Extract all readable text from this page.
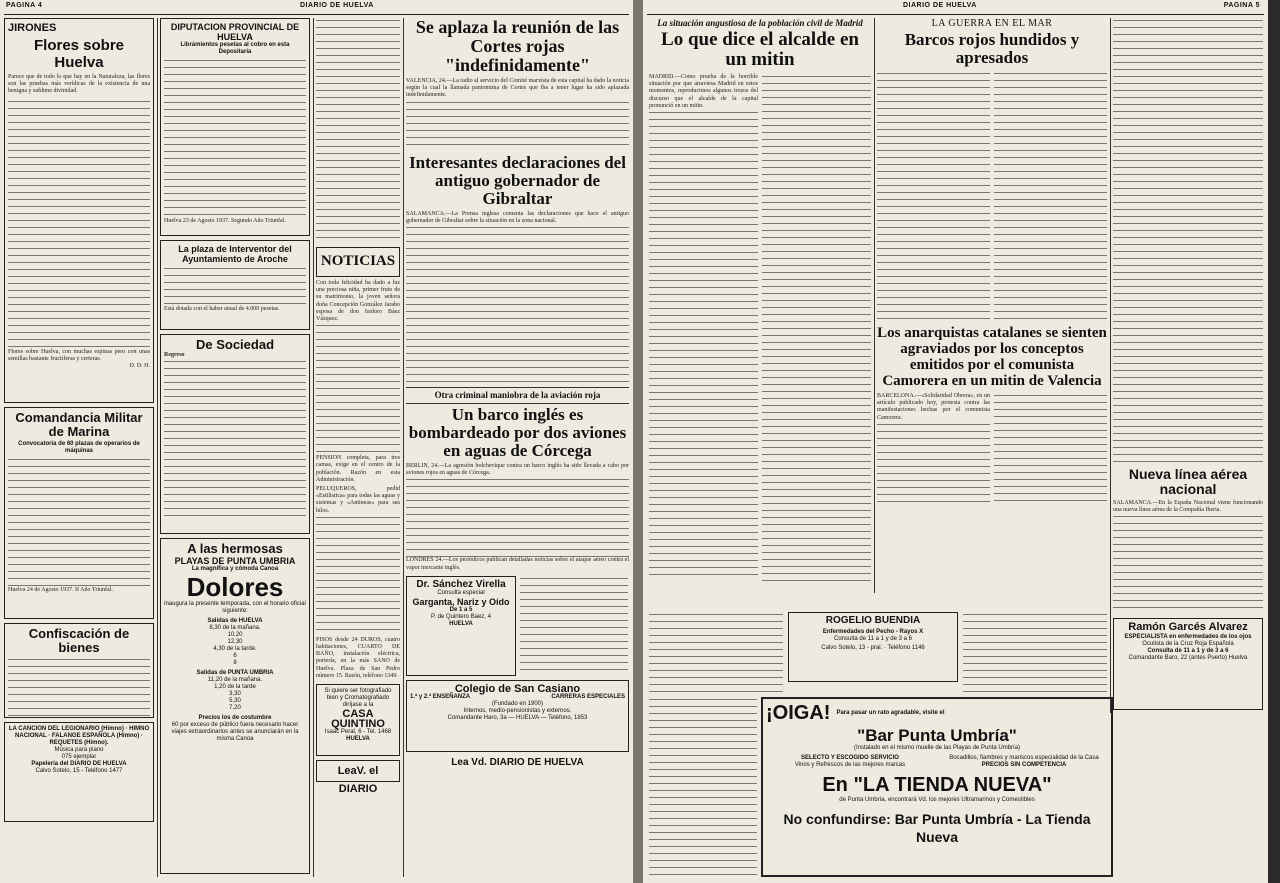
PAGINA 4	DIARIO DE HUELVA
JIRONES
Flores sobre Huelva
Parece que de todo lo que hay en la Naturaleza, las flores son las pruebas más verídicas de la existencia de una benigna y sublime divinidad.
Flores sobre Huelva, con muchas espinas pero con unas semillas bastante fructíferas y certeras.
D. D. H.
Comandancia Militar de Marina
Convocatoria de 60 plazas de operarios de máquinas
Huelva 24 de Agosto 1937. II Año Triunfal.
Confiscación de bienes
LA CANCION DEL LEGIONARIO (Himno) · HIMNO NACIONAL · FALANGE ESPAÑOLA (Himno) · REQUETES (Himno).
Música para piano
075 ejemplar
Papelería del DIARIO DE HUELVA
Calvo Sotelo, 15 - Teléfono 1477
DIPUTACION PROVINCIAL DE HUELVA
Librámientos pesetas al cobro en esta Depositaría
Huelva 23 de Agosto 1937. Segundo Año Triunfal.
La plaza de Interventor del Ayuntamiento de Aroche
Está dotada con el haber anual de 4.000 pesetas.
De Sociedad
Regreso
A las hermosas
PLAYAS DE PUNTA UMBRIA
La magnífica y cómoda Canoa
Dolores
inaugura la presente temporada, con el horario oficial siguiente:
Salidas de HUELVA
8,30 de la mañana.
10,20
12,30
4,30 de la tarde.
6
8
Salidas de PUNTA UMBRIA
11,20 de la mañana.
1,20 de la tarde
3,30
5,30
7,20
Precios los de costumbre
60 por exceso de público fuera necesario hacer viajes extraordinarios antes se anunciarán en la misma Canoa
NOTICIAS
Con toda felicidad ha dado a luz una preciosa niña, primer fruto de su matrimonio, la joven señora doña Concepción González Jarabo esposa de don Isidoro Báez Vázquez.
PENSION completa, para tres camas, exige en el centro de la población. Razón en esta Administración.
PELUQUEROS, pedid «Estilistica» para todas las aguas y sistemas y «Antineas» para sus hilos.
PISOS desde 24 DUROS, cuatro habitaciones, CUARTO DE BAÑO, instalación eléctrica, portería, en la más SANO de Huelva. Plaza de San Pedro número 15. Razón, teléfono 1349.
Si quiere ser fotografiado bien y Cromatografiado diríjase a la
CASA QUINTINO
Isaac Peral, 6 - Tel. 1468
HUELVA
LeaV. el DIARIO
Se aplaza la reunión de las Cortes rojas "indefinidamente"
VALENCIA, 24.—La radio al servicio del Comité marxista de esta capital ha dado la noticia según la cual la llamada pantomima de Cortes que iba a tener lugar ha sido aplazada indefinidamente.
Interesantes declaraciones del antiguo gobernador de Gibraltar
SALAMANCA.—La Prensa inglesa comenta las declaraciones que hace el antiguo gobernador de Gibraltar sobre la situación en la zona nacional.
Otra criminal maniobra de la aviación roja
Un barco inglés es bombardeado por dos aviones en aguas de Córcega
BERLIN, 24.—La agresión bolchevique contra un barco inglés ha sido llevada a cabo por aviones rojos en aguas de Córcega.
LONDRES 24.—Los periódicos publican detalladas noticias sobre el ataque aéreo contra el vapor mercante inglés.
Dr. Sánchez Virella
Consulta especial
Garganta, Nariz y Oído
De 1 a 5
P. de Quintero Baez, 4
HUELVA
Colegio de San Casiano
1.ª y 2.ª ENSEÑANZA	CARRERAS ESPECIALES
(Fundado en 1900)
Internos, medio-pensionistas y externos.
Comandante Haro, 3a — HUELVA — Teléfono, 1853
Lea Vd. DIARIO DE HUELVA
DIARIO DE HUELVA	PAGINA 5
La situación angustiosa de la población civil de Madrid
Lo que dice el alcalde en un mitin
MADRID.—Como prueba de la horrible situación por que atraviesa Madrid en estos momentos, reproducimos algunos trozos del discurso que el alcalde de la capital pronunció en un mitin.
LA GUERRA EN EL MAR
Barcos rojos hundidos y apresados
Los anarquistas catalanes se sienten agraviados por los conceptos emitidos por el comunista Camorera en un mitin de Valencia
BARCELONA.—«Solidaridad Obrera», en un artículo publicado hoy, protesta contra las manifestaciones hechas por el comunista Camorera.
Nueva línea aérea nacional
SALAMANCA.—En la España Nacional viene funcionando una nueva línea aérea de la Compañía Iberia.
Ramón Garcés Alvarez
ESPECIALISTA en enfermedades de los ojos
Oculista de la Cruz Roja Española
Consulta de 11 a 1 y de 3 a 6
Comandante Baro, 22 (antes Puerto) Huelva
ROGELIO BUENDIA
Enfermedades del Pecho - Rayos X
Consulta de 11 a 1 y de 3 a 6
Calvo Sotelo, 13 - pral. · Teléfono 1146
¡OIGA! Para pasar un rato agradable, visite el
"Bar Punta Umbría"
(Instalado en el mismo muelle de las Playas de Punta Umbría)
SELECTO Y ESCOGIDO SERVICIO
Vinos y Refrescos de las mejores marcas
Bocadillos, fiambres y mariscos especialidad de la Casa
PRECIOS SIN COMPETENCIA
En "LA TIENDA NUEVA"
de Punta Umbría, encontrará Vd. los mejores Ultramarinos y Comestibles
No confundirse: Bar Punta Umbría - La Tienda Nueva
